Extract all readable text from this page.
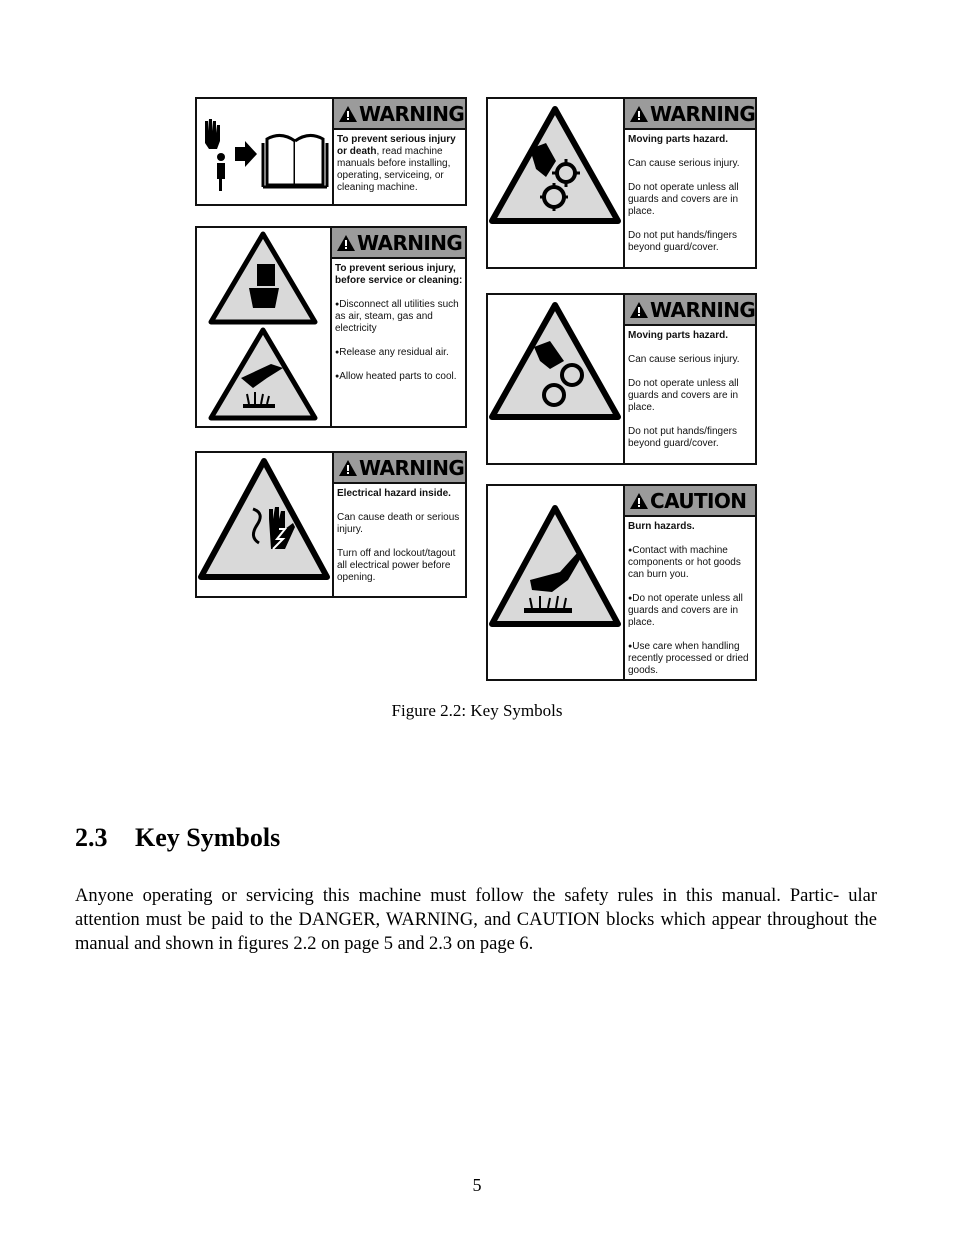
WARNING

To prevent serious injury or death, read machine manuals before installing, operating, serviceing, or cleaning machine.

WARNING

Moving parts hazard.

Can cause serious injury.

Do not operate unless all guards and covers are in place.

Do not put hands/fingers beyond guard/cover.

WARNING

To prevent serious injury, before service or cleaning:

● Disconnect all utilities such as air, steam, gas and electricity

● Release any residual air.

● Allow heated parts to cool.

WARNING

Moving parts hazard.

Can cause serious injury.

Do not operate unless all guards and covers are in place.

Do not put hands/fingers beyond guard/cover.

WARNING

Electrical hazard inside.

Can cause death or serious injury.

Turn off and lockout/tagout all electrical power before opening.

CAUTION

Burn hazards.

● Contact with machine components or hot goods can burn you.

● Do not operate unless all guards and covers are in place.

● Use care when handling recently processed or dried goods.

Figure 2.2: Key Symbols
2.3 Key Symbols
Anyone operating or servicing this machine must follow the safety rules in this manual. Partic- ular attention must be paid to the DANGER, WARNING, and CAUTION blocks which appear throughout the manual and shown in figures 2.2 on page 5 and 2.3 on page 6.
5
